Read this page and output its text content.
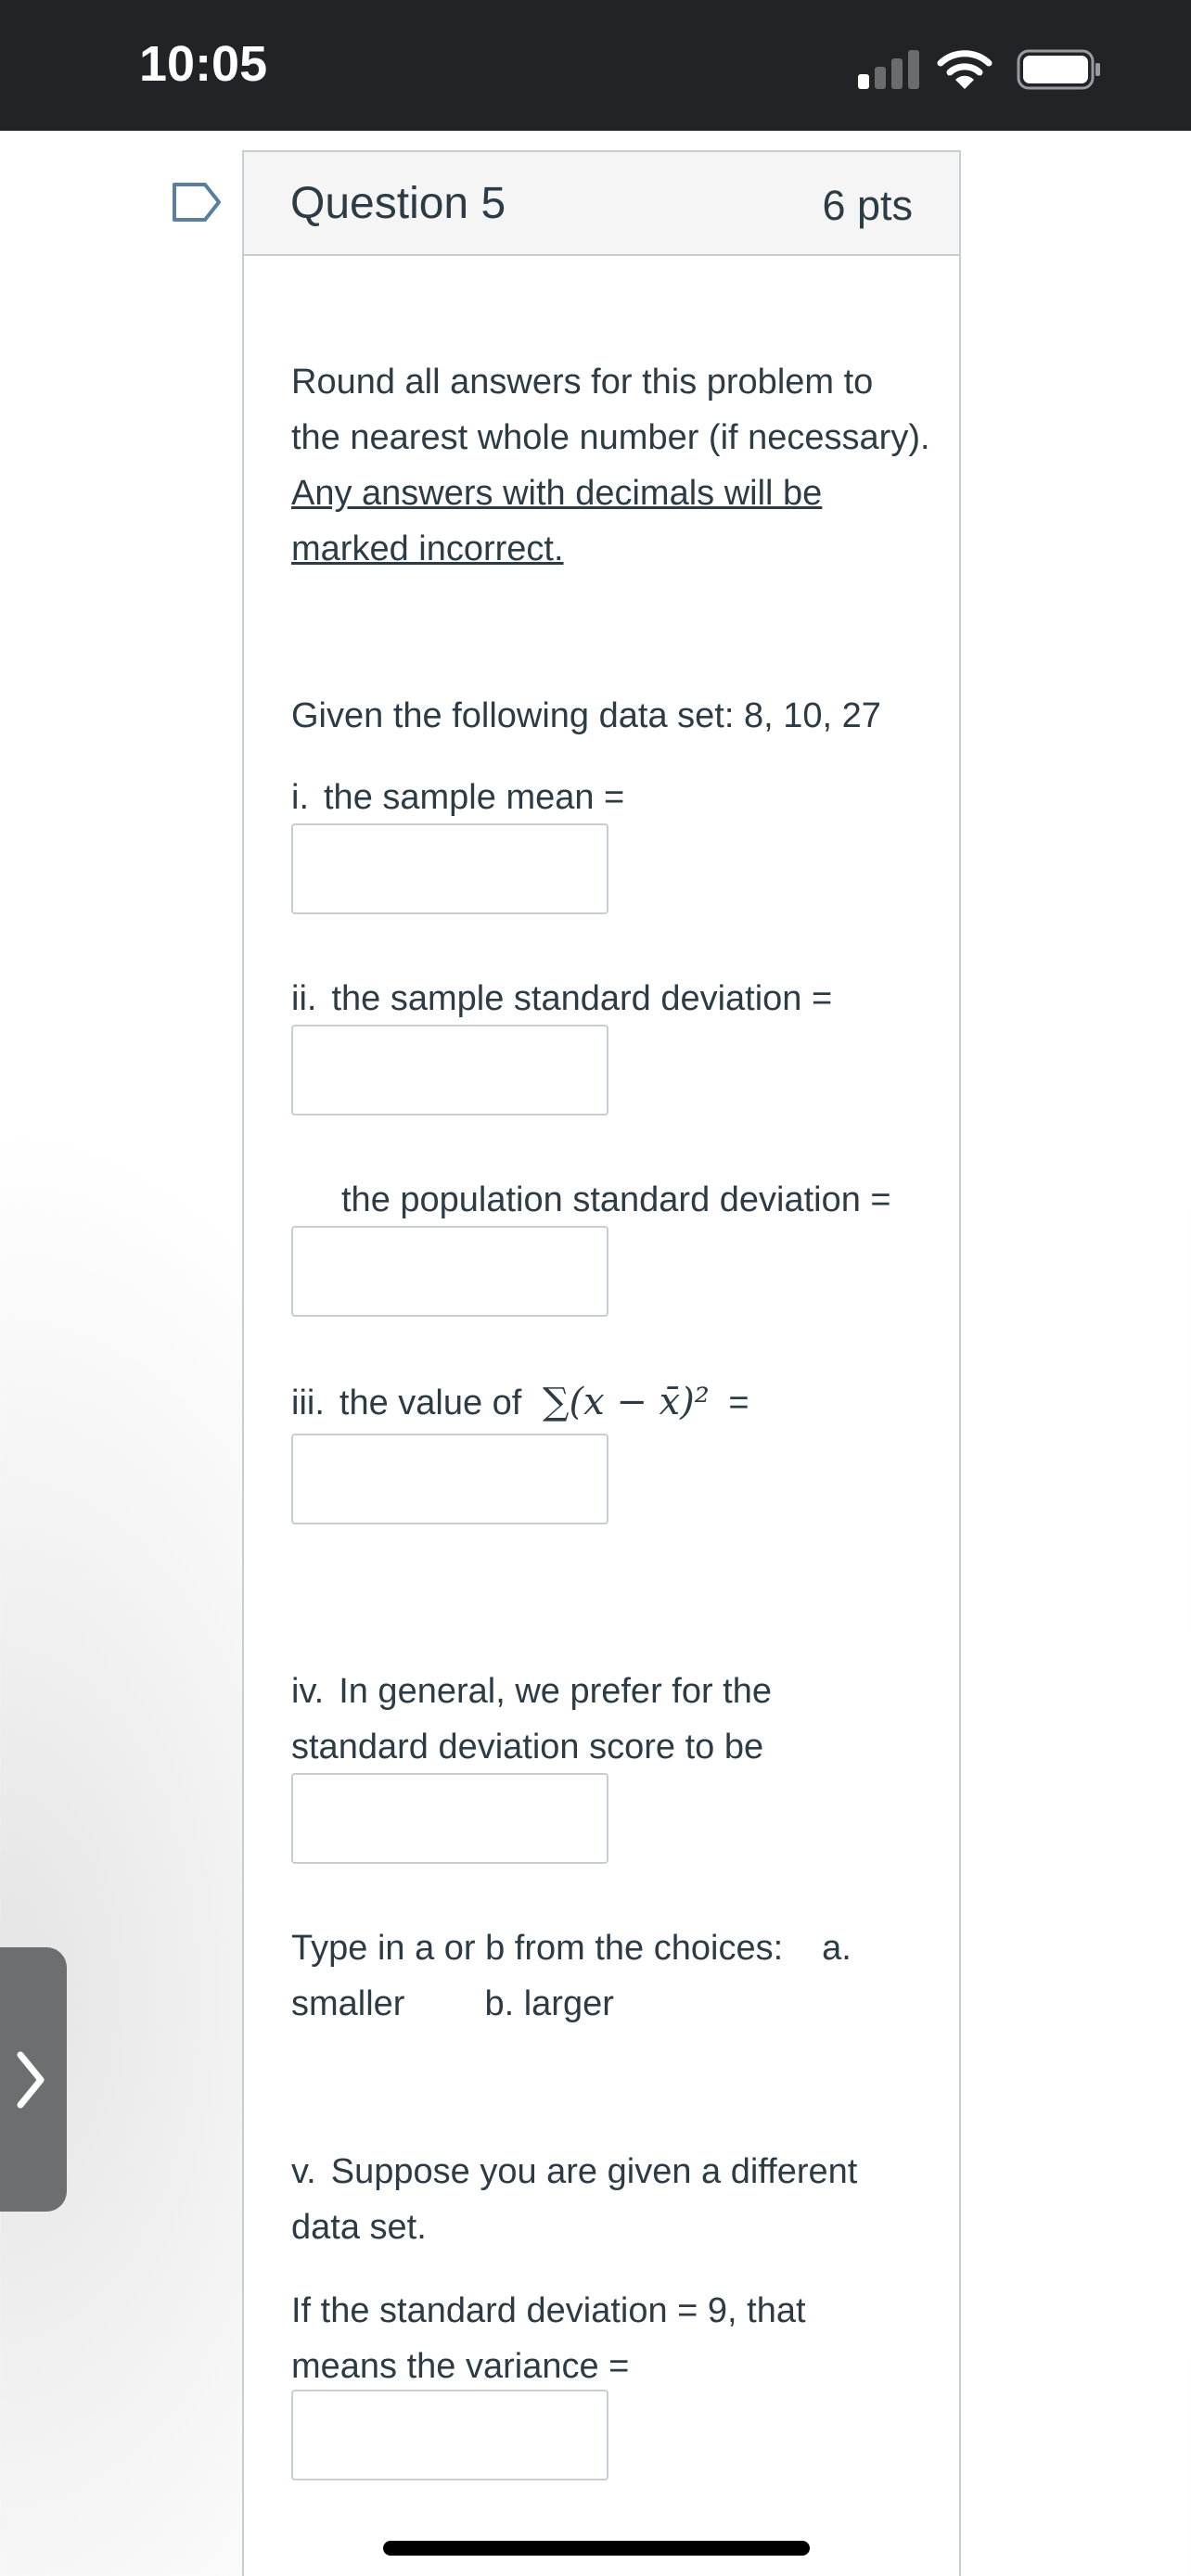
10:05
Question 5	6 pts
Round all answers for this problem to the nearest whole number (if necessary). Any answers with decimals will be marked incorrect.
Given the following data set: 8, 10, 27
i. the sample mean =
ii. the sample standard deviation =
the population standard deviation =
iii. the value of ∑(x − x̄)² =
iv. In general, we prefer for the standard deviation score to be
Type in a or b from the choices: a. smaller b. larger
v. Suppose you are given a different data set.
If the standard deviation = 9, that means the variance =
